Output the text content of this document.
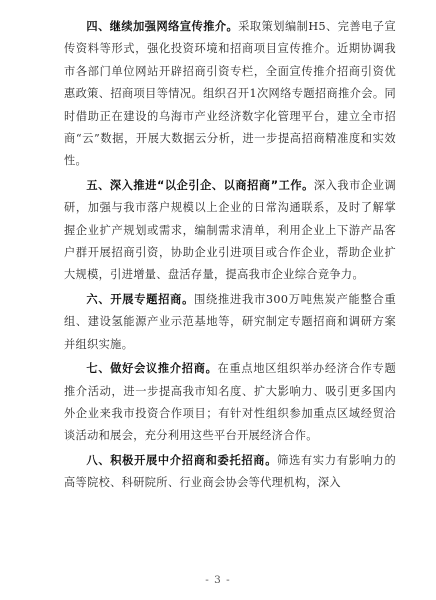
四、继续加强网络宣传推介。采取策划编制H5、完善电子宣传资料等形式，强化投资环境和招商项目宣传推介。近期协调我市各部门单位网站开辟招商引资专栏，全面宣传推介招商引资优惠政策、招商项目等情况。组织召开1次网络专题招商推介会。同时借助正在建设的乌海市产业经济数字化管理平台，建立全市招商“云”数据，开展大数据云分析，进一步提高招商精准度和实效性。

五、深入推进“以企引企、以商招商”工作。深入我市企业调研，加强与我市落户规模以上企业的日常沟通联系，及时了解掌握企业扩产规划或需求，编制需求清单，利用企业上下游产品客户群开展招商引资，协助企业引进项目或合作企业，帮助企业扩大规模，引进增量、盘活存量，提高我市企业综合竞争力。

六、开展专题招商。围绕推进我市300万吨焦炭产能整合重组、建设氢能源产业示范基地等，研究制定专题招商和调研方案并组织实施。

七、做好会议推介招商。在重点地区组织举办经济合作专题推介活动，进一步提高我市知名度、扩大影响力、吸引更多国内外企业来我市投资合作项目；有针对性组织参加重点区域经贸洽谈活动和展会，充分利用这些平台开展经济合作。

八、积极开展中介招商和委托招商。筛选有实力有影响力的高等院校、科研院所、行业商会协会等代理机构，深入

- 3 -
